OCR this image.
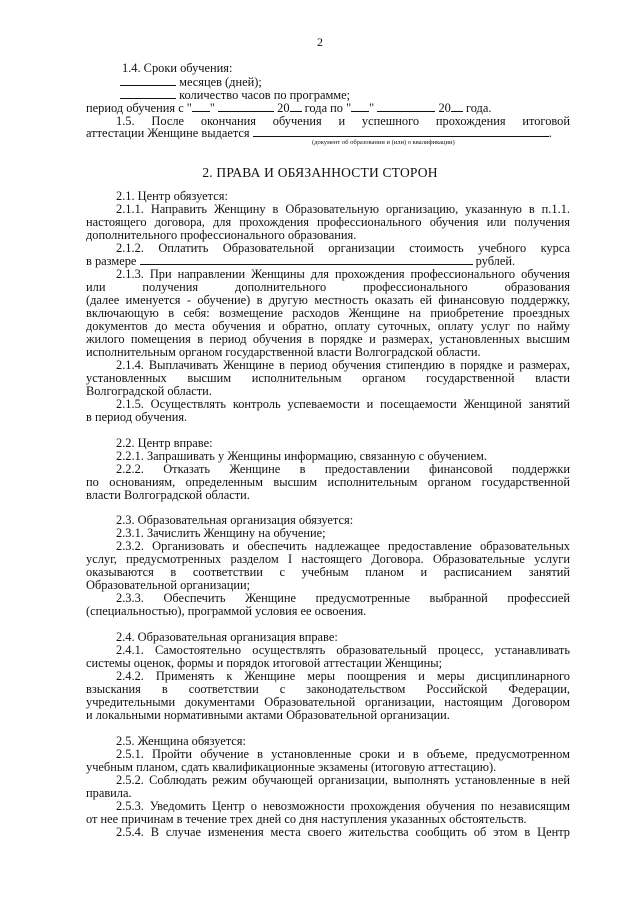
2
1.4. Сроки обучения:
месяцев (дней);
количество часов по программе;
период обучения с " "	20 года по " "	20 года.
1.5. После окончания обучения и успешного прохождения итоговой
аттестации Женщине выдается	.
(документ об образовании и (или) о квалификации)
2. ПРАВА И ОБЯЗАННОСТИ СТОРОН
2.1. Центр обязуется:
2.1.1. Направить Женщину в Образовательную организацию, указанную в п.1.1.
настоящего договора, для прохождения профессионального обучения или получения
дополнительного профессионального образования.
2.1.2. Оплатить Образовательной организации стоимость учебного курса
в размере	рублей.
2.1.3. При направлении Женщины для прохождения профессионального обучения
или получения дополнительного профессионального образования
(далее именуется - обучение) в другую местность оказать ей финансовую поддержку,
включающую в себя: возмещение расходов Женщине на приобретение проездных
документов до места обучения и обратно, оплату суточных, оплату услуг по найму
жилого помещения в период обучения в порядке и размерах, установленных высшим
исполнительным органом государственной власти Волгоградской области.
2.1.4. Выплачивать Женщине в период обучения стипендию в порядке и размерах,
установленных высшим исполнительным органом государственной власти
Волгоградской области.
2.1.5. Осуществлять контроль успеваемости и посещаемости Женщиной занятий
в период обучения.
2.2. Центр вправе:
2.2.1. Запрашивать у Женщины информацию, связанную с обучением.
2.2.2. Отказать Женщине в предоставлении финансовой поддержки
по основаниям, определенным высшим исполнительным органом государственной
власти Волгоградской области.
2.3. Образовательная организация обязуется:
2.3.1. Зачислить Женщину на обучение;
2.3.2. Организовать и обеспечить надлежащее предоставление образовательных
услуг, предусмотренных разделом I настоящего Договора. Образовательные услуги
оказываются в соответствии с учебным планом и расписанием занятий
Образовательной организации;
2.3.3. Обеспечить Женщине предусмотренные выбранной профессией
(специальностью), программой условия ее освоения.
2.4. Образовательная организация вправе:
2.4.1. Самостоятельно осуществлять образовательный процесс, устанавливать
системы оценок, формы и порядок итоговой аттестации Женщины;
2.4.2. Применять к Женщине меры поощрения и меры дисциплинарного
взыскания в соответствии с законодательством Российской Федерации,
учредительными документами Образовательной организации, настоящим Договором
и локальными нормативными актами Образовательной организации.
2.5. Женщина обязуется:
2.5.1. Пройти обучение в установленные сроки и в объеме, предусмотренном
учебным планом, сдать квалификационные экзамены (итоговую аттестацию).
2.5.2. Соблюдать режим обучающей организации, выполнять установленные в ней
правила.
2.5.3. Уведомить Центр о невозможности прохождения обучения по независящим
от нее причинам в течение трех дней со дня наступления указанных обстоятельств.
2.5.4. В случае изменения места своего жительства сообщить об этом в Центр
